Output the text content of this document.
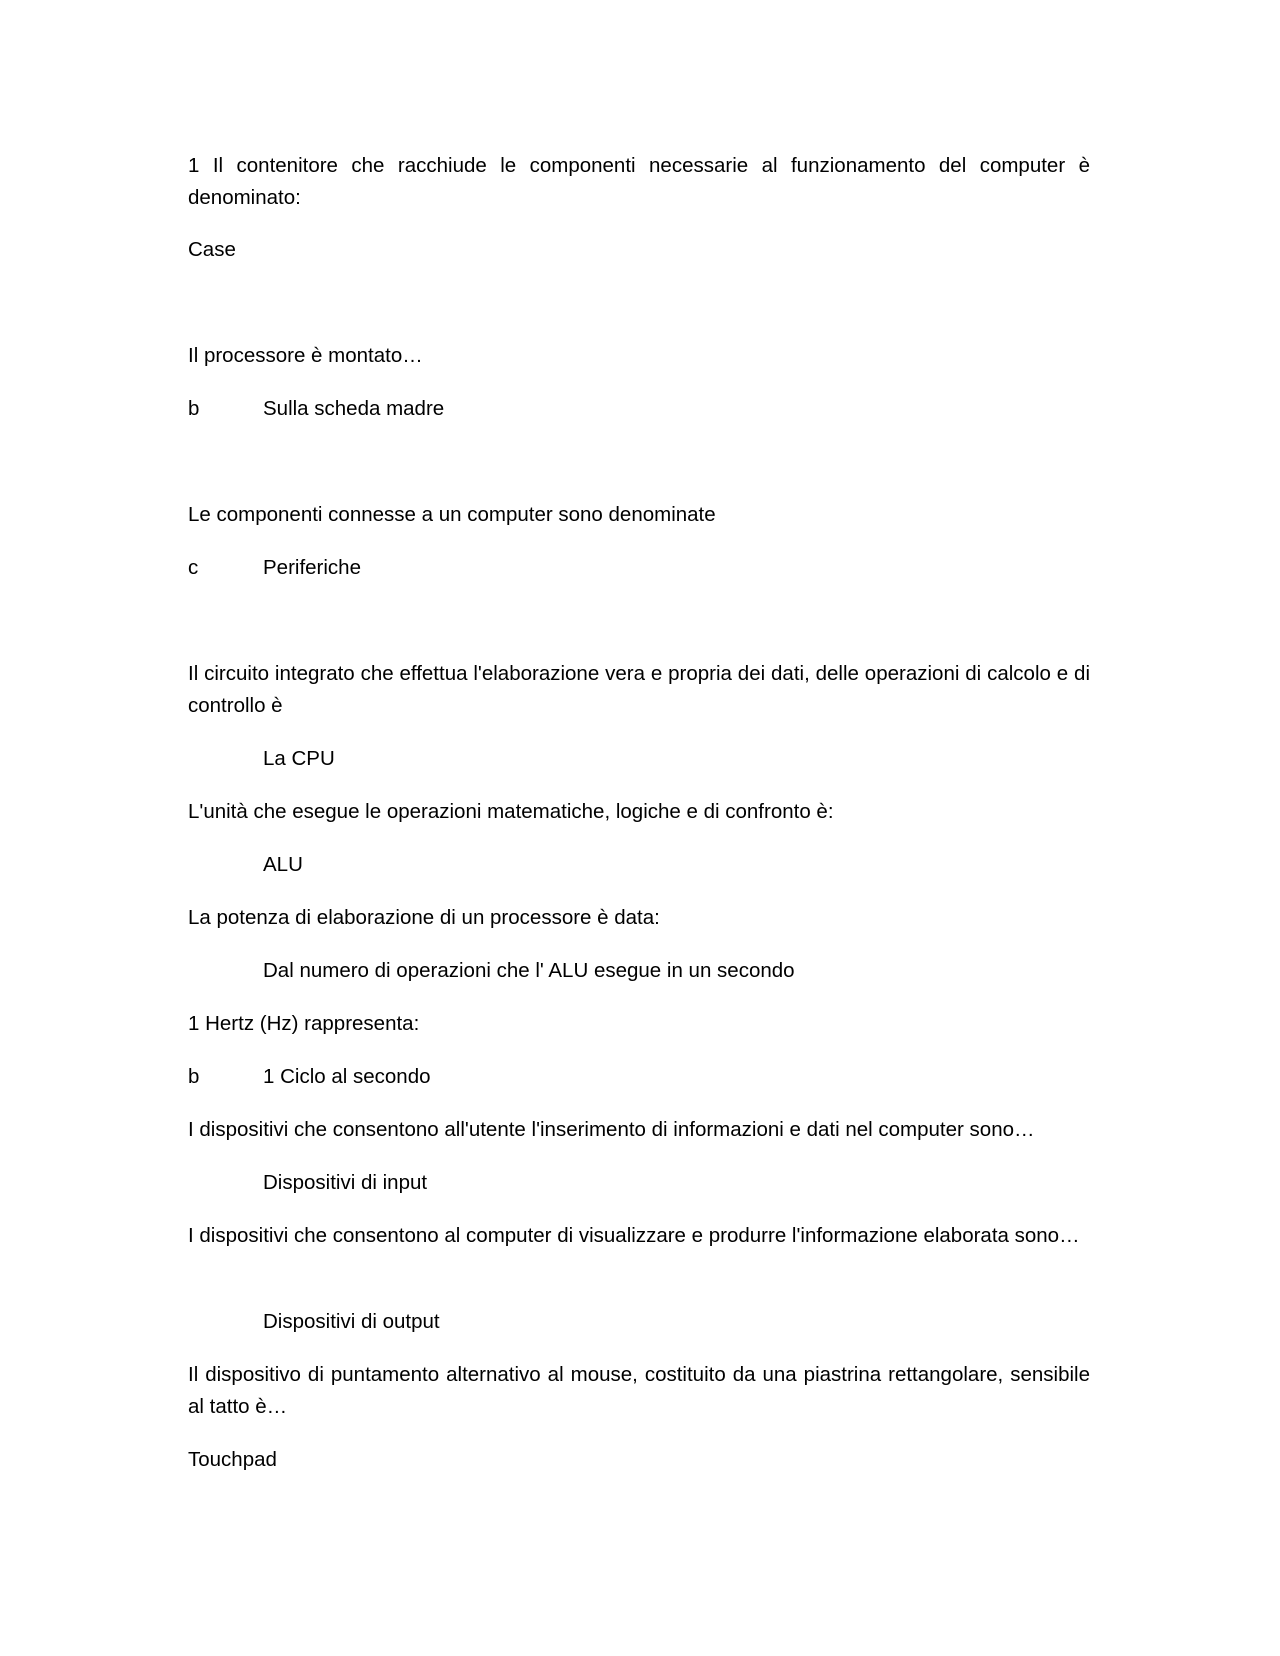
1 Il contenitore che racchiude le componenti necessarie al funzionamento del computer è denominato:

Case

Il processore è montato…

b	Sulla scheda madre

Le componenti connesse a un computer sono denominate

c	Periferiche

Il circuito integrato che effettua l'elaborazione vera e propria dei dati, delle operazioni di calcolo e di controllo è

La CPU

L'unità che esegue le operazioni matematiche, logiche e di confronto è:

ALU

La potenza di elaborazione di un processore è data:

Dal numero di operazioni che l' ALU esegue in un secondo

1 Hertz (Hz) rappresenta:

b	1 Ciclo al secondo

I dispositivi che consentono all'utente l'inserimento di informazioni e dati nel computer sono…

Dispositivi di input

I dispositivi che consentono al computer di visualizzare e produrre l'informazione elaborata sono…

Dispositivi di output

Il dispositivo di puntamento alternativo al mouse, costituito da una piastrina rettangolare, sensibile al tatto è…

Touchpad
